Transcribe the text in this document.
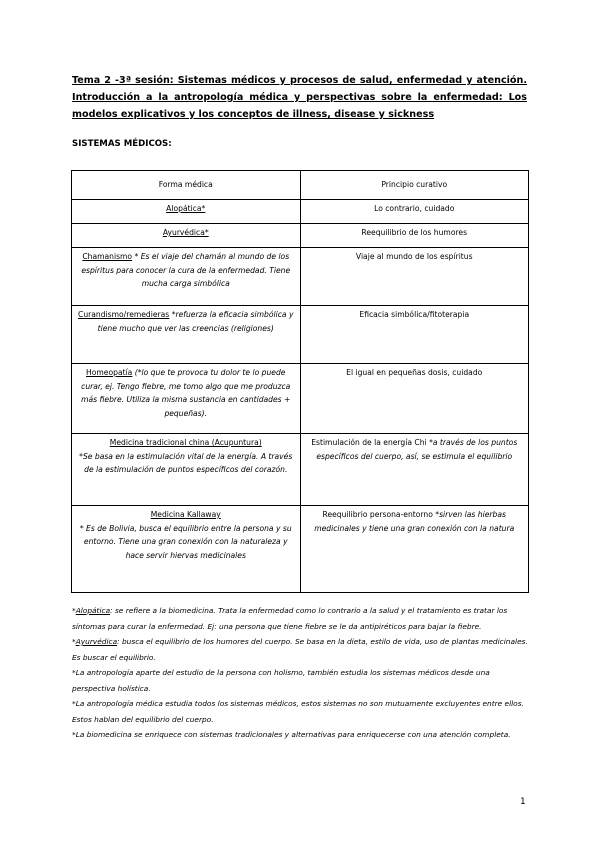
Tema 2 -3ª sesión: Sistemas médicos y procesos de salud, enfermedad y atención. Introducción a la antropología médica y perspectivas sobre la enfermedad: Los modelos explicativos y los conceptos de illness, disease y sickness

SISTEMAS MÉDICOS:

Forma médica	Principio curativo
Alopática*	Lo contrario, cuidado
Ayurvédica*	Reequilibrio de los humores
Chamanismo * Es el viaje del chamán al mundo de los espíritus para conocer la cura de la enfermedad. Tiene mucha carga simbólica	Viaje al mundo de los espíritus
Curandismo/remedieras *refuerza la eficacia simbólica y tiene mucho que ver las creencias (religiones)	Eficacia simbólica/fitoterapia
Homeopatía (*lo que te provoca tu dolor te lo puede curar, ej. Tengo fiebre, me tomo algo que me produzca más fiebre. Utiliza la misma sustancia en cantidades + pequeñas).	El igual en pequeñas dosis, cuidado
Medicina tradicional china (Acupuntura)
*Se basa en la estimulación vital de la energía. A través de la estimulación de puntos específicos del corazón.	Estimulación de la energía Chi *a través de los puntos específicos del cuerpo, así, se estimula el equilibrio
Medicina Kallaway
* Es de Bolivia, busca el equilibrio entre la persona y su entorno. Tiene una gran conexión con la naturaleza y hace servir hiervas medicinales	Reequilibrio persona-entorno *sirven las hierbas medicinales y tiene una gran conexión con la natura

*Alopática: se refiere a la biomedicina. Trata la enfermedad como lo contrario a la salud y el tratamiento es tratar los síntomas para curar la enfermedad. Ej: una persona que tiene fiebre se le da antipiréticos para bajar la fiebre.

*Ayurvédica: busca el equilibrio de los humores del cuerpo. Se basa en la dieta, estilo de vida, uso de plantas medicinales. Es buscar el equilibrio.

*La antropología aparte del estudio de la persona con holismo, también estudia los sistemas médicos desde una perspectiva holística.

*La antropología médica estudia todos los sistemas médicos, estos sistemas no son mutuamente excluyentes entre ellos. Estos hablan del equilibrio del cuerpo.

*La biomedicina se enriquece con sistemas tradicionales y alternativas para enriquecerse con una atención completa.

1
